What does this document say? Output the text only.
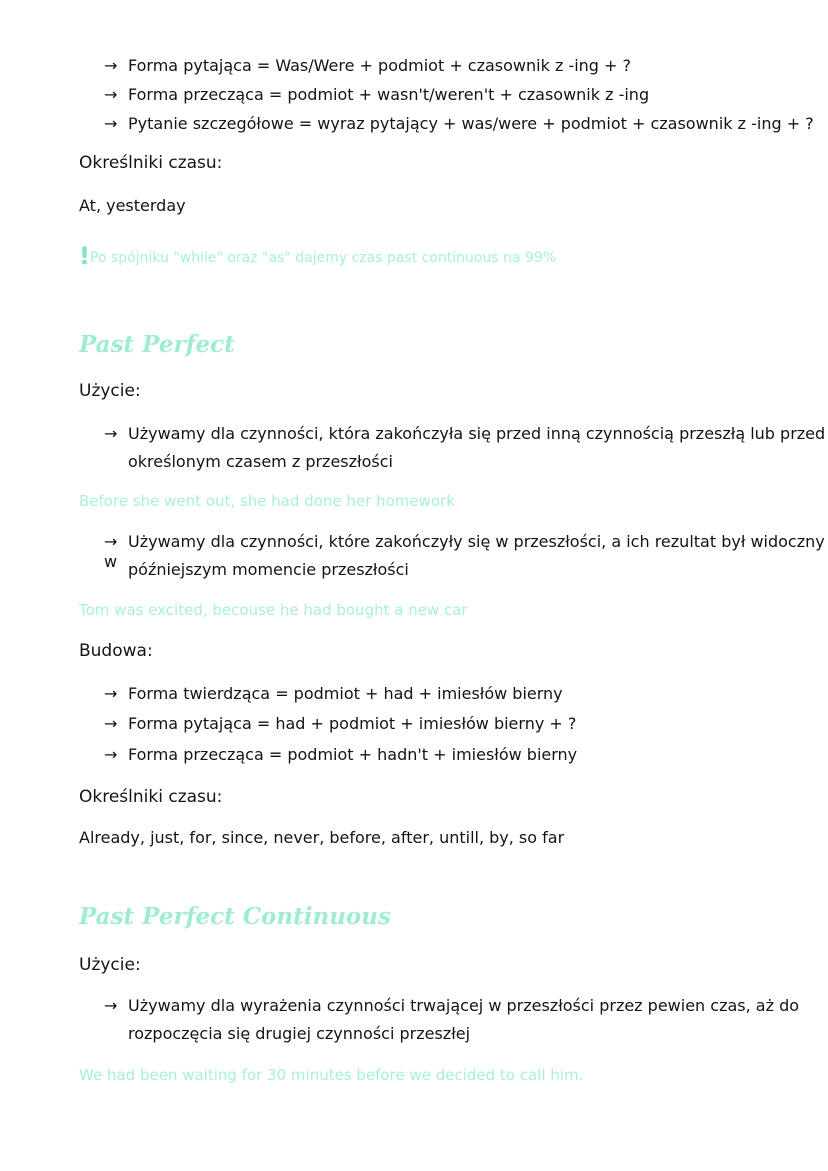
→ Forma pytająca = Was/Were + podmiot + czasownik z -ing + ?
→ Forma przecząca = podmiot + wasn't/weren't + czasownik z -ing
→ Pytanie szczegółowe = wyraz pytający + was/were + podmiot + czasownik z -ing + ?
Określniki czasu:
At, yesterday
!Po spójniku "while" oraz "as" dajemy czas past continuous na 99%
Past Perfect
Użycie:
→ Używamy dla czynności, która zakończyła się przed inną czynnością przeszłą lub przed
określonym czasem z przeszłości
Before she went out, she had done her homework
→ Używamy dla czynności, które zakończyły się w przeszłości, a ich rezultat był widoczny w późniejszym momencie przeszłości
Tom was excited, becouse he had bought a new car
Budowa:
→ Forma twierdząca = podmiot + had + imiesłów bierny
→ Forma pytająca = had + podmiot + imiesłów bierny + ?
→ Forma przecząca = podmiot + hadn't + imiesłów bierny
Określniki czasu:
Already, just, for, since, never, before, after, untill, by, so far
Past Perfect Continuous
Użycie:
→ Używamy dla wyrażenia czynności trwającej w przeszłości przez pewien czas, aż do
rozpoczęcia się drugiej czynności przeszłej
We had been waiting for 30 minutes before we decided to call him.
